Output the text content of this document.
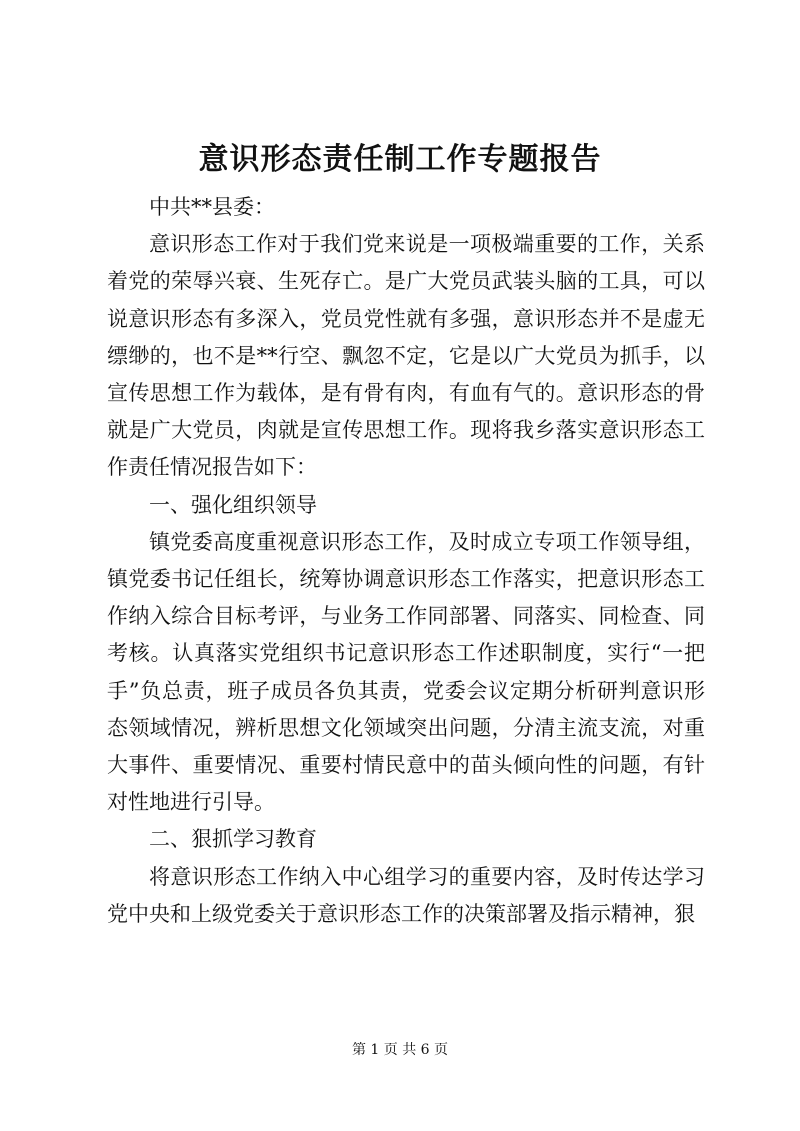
意识形态责任制工作专题报告

中共**县委：

意识形态工作对于我们党来说是一项极端重要的工作，关系着党的荣辱兴衰、生死存亡。是广大党员武装头脑的工具，可以说意识形态有多深入，党员党性就有多强，意识形态并不是虚无缥缈的，也不是**行空、飘忽不定，它是以广大党员为抓手，以宣传思想工作为载体，是有骨有肉，有血有气的。意识形态的骨就是广大党员，肉就是宣传思想工作。现将我乡落实意识形态工作责任情况报告如下：

一、强化组织领导

镇党委高度重视意识形态工作，及时成立专项工作领导组，镇党委书记任组长，统筹协调意识形态工作落实，把意识形态工作纳入综合目标考评，与业务工作同部署、同落实、同检查、同考核。认真落实党组织书记意识形态工作述职制度，实行“一把手”负总责，班子成员各负其责，党委会议定期分析研判意识形态领域情况，辨析思想文化领域突出问题，分清主流支流，对重大事件、重要情况、重要村情民意中的苗头倾向性的问题，有针对性地进行引导。

二、狠抓学习教育

将意识形态工作纳入中心组学习的重要内容，及时传达学习党中央和上级党委关于意识形态工作的决策部署及指示精神，狠

第 1 页 共 6 页
